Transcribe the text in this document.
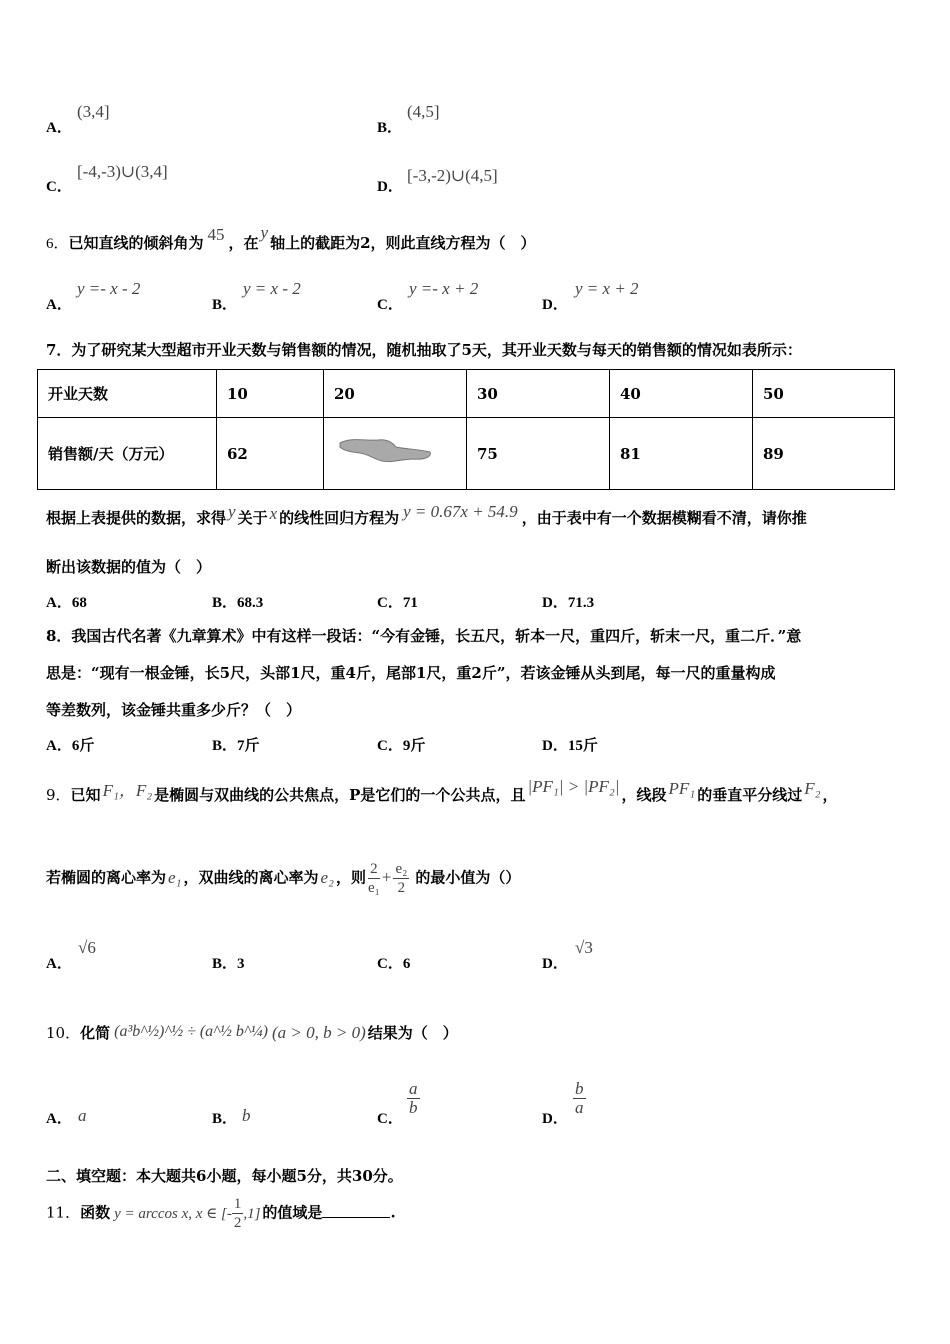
A．
(3,4]
B．
(4,5]
C．
[-4,-3)∪(3,4]
D．
[-3,-2)∪(4,5]
6．已知直线的倾斜角为 45 ，在y轴上的截距为2，则此直线方程为（　）
A．
y =- x - 2
B．
y = x - 2
C．
y =- x + 2
D．
y = x + 2
7．为了研究某大型超市开业天数与销售额的情况，随机抽取了5天，其开业天数与每天的销售额的情况如表所示：
开业天数	10	20	30	40	50
销售额/天（万元）	62		75	81	89
根据上表提供的数据，求得 y 关于 x 的线性回归方程为 y = 0.67x + 54.9 ，由于表中有一个数据模糊看不清，请你推
断出该数据的值为（　）
A．68	B．68.3	C．71	D．71.3
8．我国古代名著《九章算术》中有这样一段话：“今有金锤，长五尺，斩本一尺，重四斤，斩末一尺，重二斤．”意
思是：“现有一根金锤，长5尺，头部1尺，重4斤，尾部1尺，重2斤”，若该金锤从头到尾，每一尺的重量构成
等差数列，该金锤共重多少斤？（　）
A．6斤	B．7斤	C．9斤	D．15斤
9．已知 F₁，F₂ 是椭圆与双曲线的公共焦点，P是它们的一个公共点，且 |PF₁| > |PF₂| ，线段 PF₁ 的垂直平分线过 F₂ ，
若椭圆的离心率为 e₁ ，双曲线的离心率为 e₂ ，则 $\frac{2}{\text{e₁}} + \frac{\text{e₂}}{2}$ 的最小值为（）
A．
√6
B．3	C．6	D．
√3
10．化简 (a³b^½)^½ ÷ (a^½ b^¼) (a > 0, b > 0) 结果为（　）
A． a	B． b	C．
$\frac{a}{b}$
D．
$\frac{b}{a}$
二、填空题：本大题共6小题，每小题5分，共30分。
11．函数 y = arccos x, x ∈ [- $\frac{1}{2} ,1$] 的值域是	.
